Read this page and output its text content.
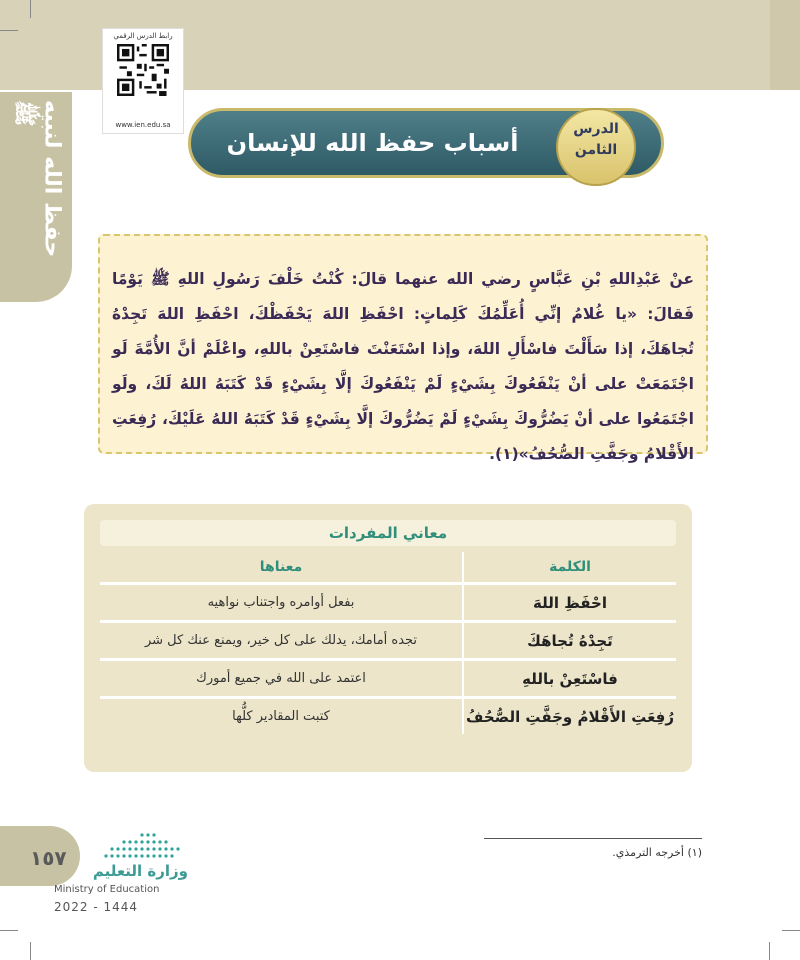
حفظ الله لنبيه ﷺ
رابط الدرس الرقمي
www.ien.edu.sa
أسباب حفظ الله للإنسان	الدرس
الثامن
عنْ عَبْدِاللهِ بْنِ عَبَّاسٍ رضي الله عنهما قالَ: كُنْتُ خَلْفَ رَسُولِ اللهِ ﷺ يَوْمًا فَقالَ: «يا غُلامُ إنِّي أُعَلِّمُكَ كَلِماتٍ: احْفَظِ اللهَ يَحْفَظْكَ، احْفَظِ اللهَ تَجِدْهُ تُجاهَكَ، إذا سَأَلْتَ فاسْأَلِ اللهَ، وإذا اسْتَعَنْتَ فاسْتَعِنْ باللهِ، واعْلَمْ أنَّ الأُمَّةَ لَو اجْتَمَعَتْ على أنْ يَنْفَعُوكَ بِشَيْءٍ لَمْ يَنْفَعُوكَ إلَّا بِشَيْءٍ قَدْ كَتَبَهُ اللهُ لَكَ، ولَو اجْتَمَعُوا على أنْ يَضُرُّوكَ بِشَيْءٍ لَمْ يَضُرُّوكَ إلَّا بِشَيْءٍ قَدْ كَتَبَهُ اللهُ عَلَيْكَ، رُفِعَتِ الأَقْلامُ وجَفَّتِ الصُّحُفُ»(١).
معاني المفردات
الكلمة	معناها
احْفَظِ اللهَ	بفعل أوامره واجتناب نواهيه
تَجِدْهُ تُجاهَكَ	تجده أمامك، يدلك على كل خير، ويمنع عنك كل شر
فاسْتَعِنْ باللهِ	اعتمد على الله في جميع أمورك
رُفِعَتِ الأَقْلامُ وجَفَّتِ الصُّحُفُ	كتبت المقادير كلُّها
(١) أخرجه الترمذي.
١٥٧
وزارة التعليم
Ministry of Education
2022 - 1444
